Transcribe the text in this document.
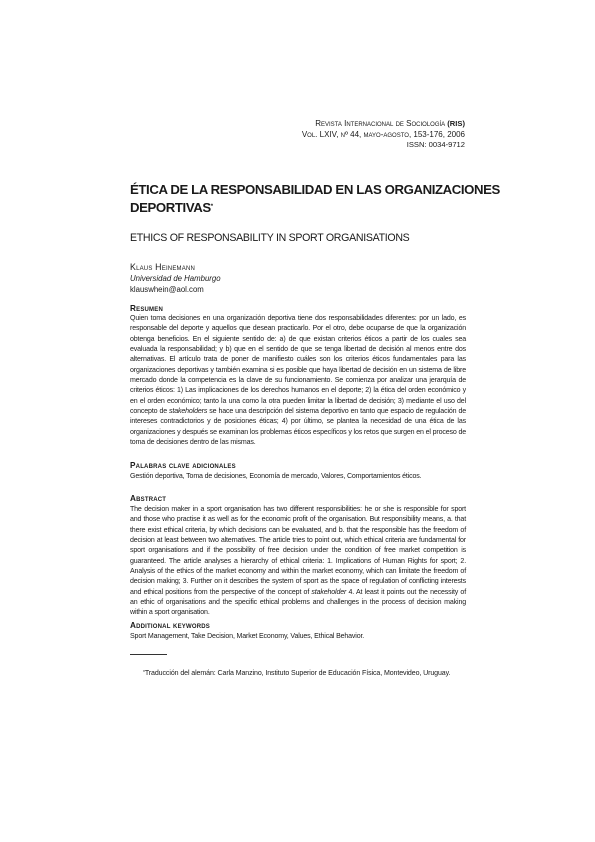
Revista Internacional de Sociología (RIS)
Vol. LXIV, nº 44, mayo-agosto, 153-176, 2006
ISSN: 0034-9712
ÉTICA DE LA RESPONSABILIDAD EN LAS ORGANIZACIONES
DEPORTIVAS*
ETHICS OF RESPONSABILITY IN SPORT ORGANISATIONS
Klaus Heinemann
Universidad de Hamburgo
klauswhein@aol.com
Resumen
Quien toma decisiones en una organización deportiva tiene dos responsabilidades diferentes: por un lado, es responsable del deporte y aquellos que desean practicarlo. Por el otro, debe ocuparse de que la organización obtenga beneficios. En el siguiente sentido de: a) de que existan criterios éticos a partir de los cuales sea evaluada la responsabilidad; y b) que en el sentido de que se tenga libertad de decisión al menos entre dos alternativas. El artículo trata de poner de manifiesto cuáles son los criterios éticos fundamentales para las organizaciones deportivas y también examina si es posible que haya libertad de decisión en un sistema de libre mercado donde la competencia es la clave de su funcionamiento. Se comienza por analizar una jerarquía de criterios éticos: 1) Las implicaciones de los derechos humanos en el deporte; 2) la ética del orden económico y en el orden económico; tanto la una como la otra pueden limitar la libertad de decisión; 3) mediante el uso del concepto de stakeholders se hace una descripción del sistema deportivo en tanto que espacio de regulación de intereses contradictorios y de posiciones éticas; 4) por último, se plantea la necesidad de una ética de las organizaciones y después se examinan los problemas éticos específicos y los retos que surgen en el proceso de toma de decisiones dentro de las mismas.
Palabras clave adicionales
Gestión deportiva, Toma de decisiones, Economía de mercado, Valores, Comportamientos éticos.
Abstract
The decision maker in a sport organisation has two different responsibilities: he or she is responsible for sport and those who practise it as well as for the economic profit of the organisation. But responsibility means, a. that there exist ethical criteria, by which decisions can be evaluated, and b. that the responsible has the freedom of decision at least between two alternatives. The article tries to point out, which ethical criteria are fundamental for sport organisations and if the possibility of free decision under the condition of free market competition is guaranteed. The article analyses a hierarchy of ethical criteria: 1. Implications of Human Rights for sport; 2. Analysis of the ethics of the market economy and within the market economy, which can limitate the freedom of decision making; 3. Further on it describes the system of sport as the space of regulation of conflicting interests and ethical positions from the perspective of the concept of stakeholder 4. At least it points out the necessity of an ethic of organisations and the specific ethical problems and challenges in the process of decision making within a sport organisation.
Additional keywords
Sport Management, Take Decision, Market Economy, Values, Ethical Behavior.
*Traducción del alemán: Carla Manzino, Instituto Superior de Educación Física, Montevideo, Uruguay.
